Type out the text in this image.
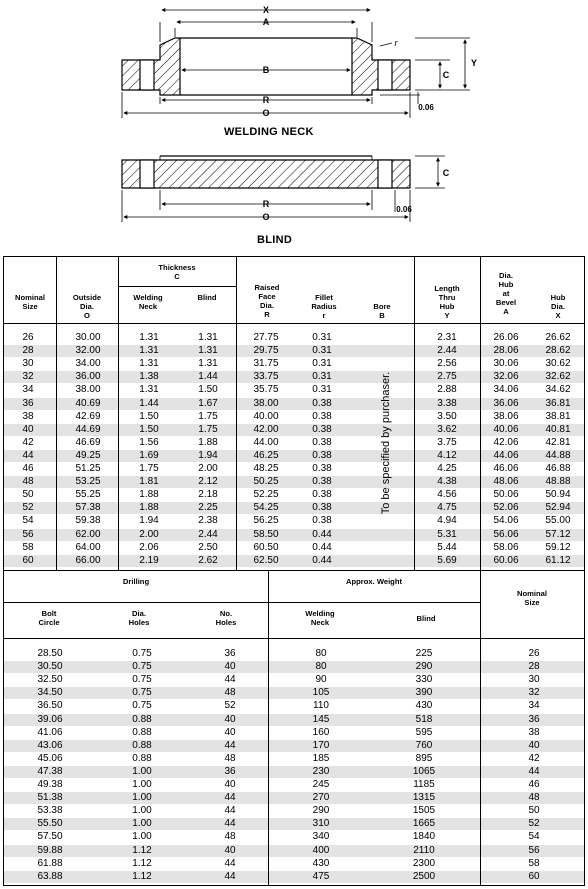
X
A
B
R
O
C
Y
r
0.06
R
O
C
0.06
WELDING NECK
BLIND
Nominal
Size
Outside
Dia.
O
Thickness
C
Welding
Neck
Blind
Raised
Face
Dia.
R
Fillet
Radius
r
Bore
B
Length
Thru
Hub
Y
Dia.
Hub
at
Bevel
A
Hub
Dia.
X
26	30.00	1.31	1.31	27.75	0.31	2.31	26.06	26.62
28	32.00	1.31	1.31	29.75	0.31	2.44	28.06	28.62
30	34.00	1.31	1.31	31.75	0.31	2.56	30.06	30.62
32	36.00	1.38	1.44	33.75	0.31	2.75	32.06	32.62
34	38.00	1.31	1.50	35.75	0.31	2.88	34.06	34.62
36	40.69	1.44	1.67	38.00	0.38	3.38	36.06	36.81
38	42.69	1.50	1.75	40.00	0.38	3.50	38.06	38.81
40	44.69	1.50	1.75	42.00	0.38	3.62	40.06	40.81
42	46.69	1.56	1.88	44.00	0.38	3.75	42.06	42.81
44	49.25	1.69	1.94	46.25	0.38	4.12	44.06	44.88
46	51.25	1.75	2.00	48.25	0.38	4.25	46.06	46.88
48	53.25	1.81	2.12	50.25	0.38	4.38	48.06	48.88
50	55.25	1.88	2.18	52.25	0.38	4.56	50.06	50.94
52	57.38	1.88	2.25	54.25	0.38	4.75	52.06	52.94
54	59.38	1.94	2.38	56.25	0.38	4.94	54.06	55.00
56	62.00	2.00	2.44	58.50	0.44	5.31	56.06	57.12
58	64.00	2.06	2.50	60.50	0.44	5.44	58.06	59.12
60	66.00	2.19	2.62	62.50	0.44	5.69	60.06	61.12
To be specified by purchaser.
Drilling	Approx. Weight
Nominal
Size
Bolt
Circle
Dia.
Holes
No.
Holes
Welding
Neck	Blind
28.50	0.75	36	80	225	26
30.50	0.75	40	80	290	28
32.50	0.75	44	90	330	30
34.50	0.75	48	105	390	32
36.50	0.75	52	110	430	34
39.06	0.88	40	145	518	36
41.06	0.88	40	160	595	38
43.06	0.88	44	170	760	40
45.06	0.88	48	185	895	42
47.38	1.00	36	230	1065	44
49.38	1.00	40	245	1185	46
51.38	1.00	44	270	1315	48
53.38	1.00	44	290	1505	50
55.50	1.00	44	310	1665	52
57.50	1.00	48	340	1840	54
59.88	1.12	40	400	2110	56
61.88	1.12	44	430	2300	58
63.88	1.12	44	475	2500	60
